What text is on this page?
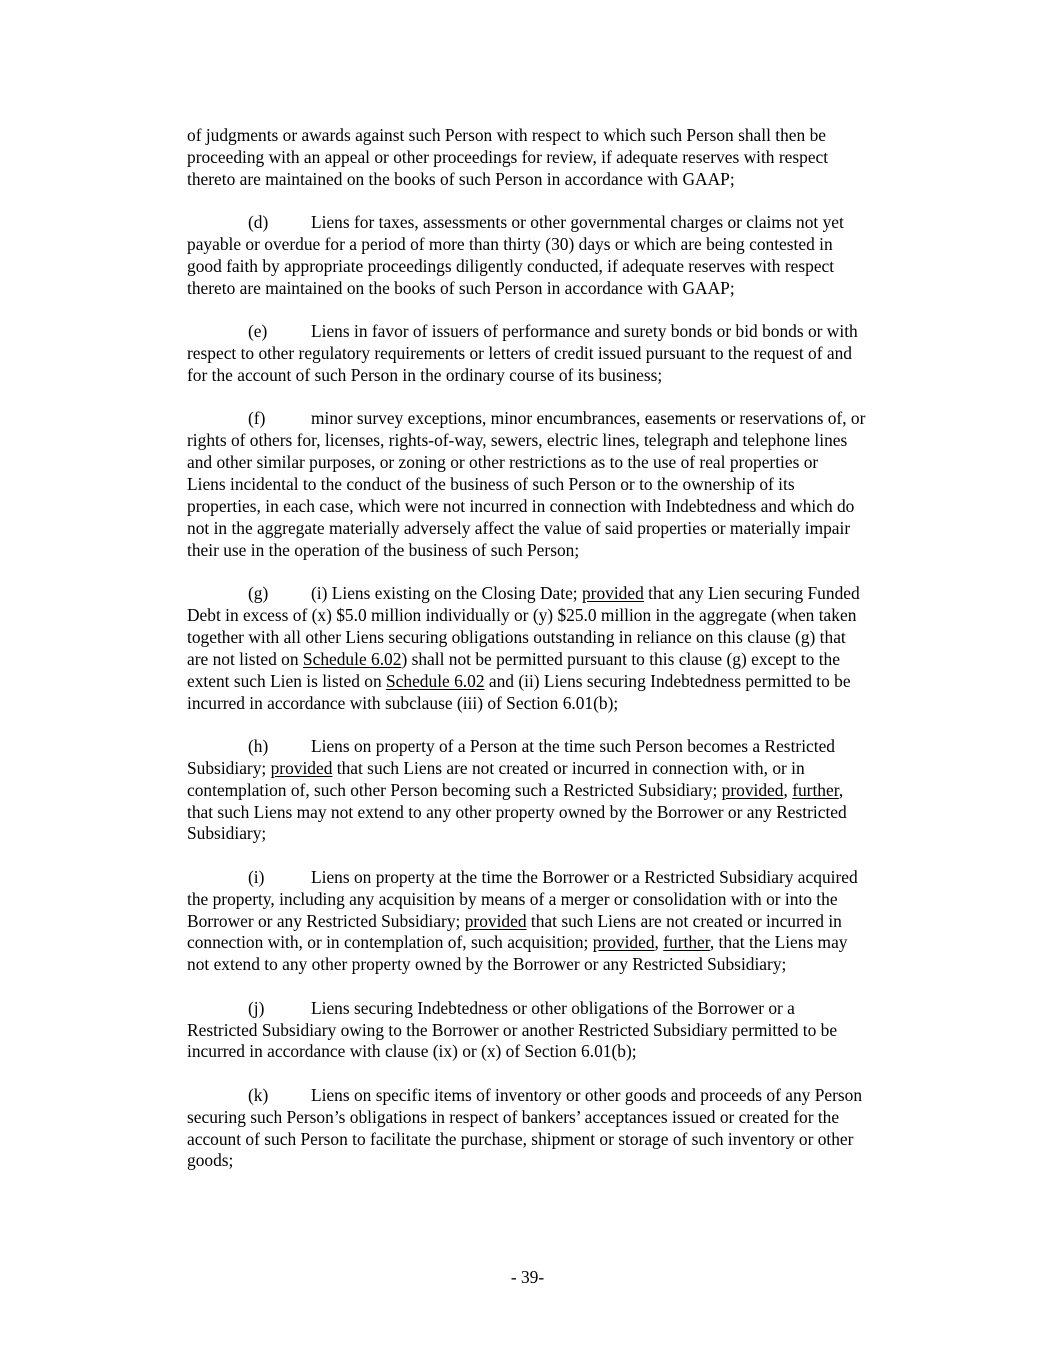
of judgments or awards against such Person with respect to which such Person shall then be

proceeding with an appeal or other proceedings for review, if adequate reserves with respect

thereto are maintained on the books of such Person in accordance with GAAP;

(d) Liens for taxes, assessments or other governmental charges or claims not yet

payable or overdue for a period of more than thirty (30) days or which are being contested in

good faith by appropriate proceedings diligently conducted, if adequate reserves with respect

thereto are maintained on the books of such Person in accordance with GAAP;

(e)	Liens in favor of issuers of performance and surety bonds or bid bonds or with

respect to other regulatory requirements or letters of credit issued pursuant to the request of and

for the account of such Person in the ordinary course of its business;

(f)	minor survey exceptions, minor encumbrances, easements or reservations of, or

rights of others for, licenses, rights-of-way, sewers, electric lines, telegraph and telephone lines

and other similar purposes, or zoning or other restrictions as to the use of real properties or

Liens incidental to the conduct of the business of such Person or to the ownership of its

properties, in each case, which were not incurred in connection with Indebtedness and which do

not in the aggregate materially adversely affect the value of said properties or materially impair

their use in the operation of the business of such Person;

(g) (i) Liens existing on the Closing Date; provided that any Lien securing Funded

Debt in excess of (x) $5.0 million individually or (y) $25.0 million in the aggregate (when taken

together with all other Liens securing obligations outstanding in reliance on this clause (g) that

are not listed on Schedule 6.02) shall not be permitted pursuant to this clause (g) except to the

extent such Lien is listed on Schedule 6.02 and (ii) Liens securing Indebtedness permitted to be

incurred in accordance with subclause (iii) of Section 6.01(b);

(h) Liens on property of a Person at the time such Person becomes a Restricted

Subsidiary; provided that such Liens are not created or incurred in connection with, or in

contemplation of, such other Person becoming such a Restricted Subsidiary; provided, further,

that such Liens may not extend to any other property owned by the Borrower or any Restricted

Subsidiary;

(i)	Liens on property at the time the Borrower or a Restricted Subsidiary acquired

the property, including any acquisition by means of a merger or consolidation with or into the

Borrower or any Restricted Subsidiary; provided that such Liens are not created or incurred in

connection with, or in contemplation of, such acquisition; provided, further, that the Liens may

not extend to any other property owned by the Borrower or any Restricted Subsidiary;

(j)	Liens securing Indebtedness or other obligations of the Borrower or a

Restricted Subsidiary owing to the Borrower or another Restricted Subsidiary permitted to be

incurred in accordance with clause (ix) or (x) of Section 6.01(b);

(k) Liens on specific items of inventory or other goods and proceeds of any Person

securing such Person’s obligations in respect of bankers’ acceptances issued or created for the

account of such Person to facilitate the purchase, shipment or storage of such inventory or other

goods;

- 39-
